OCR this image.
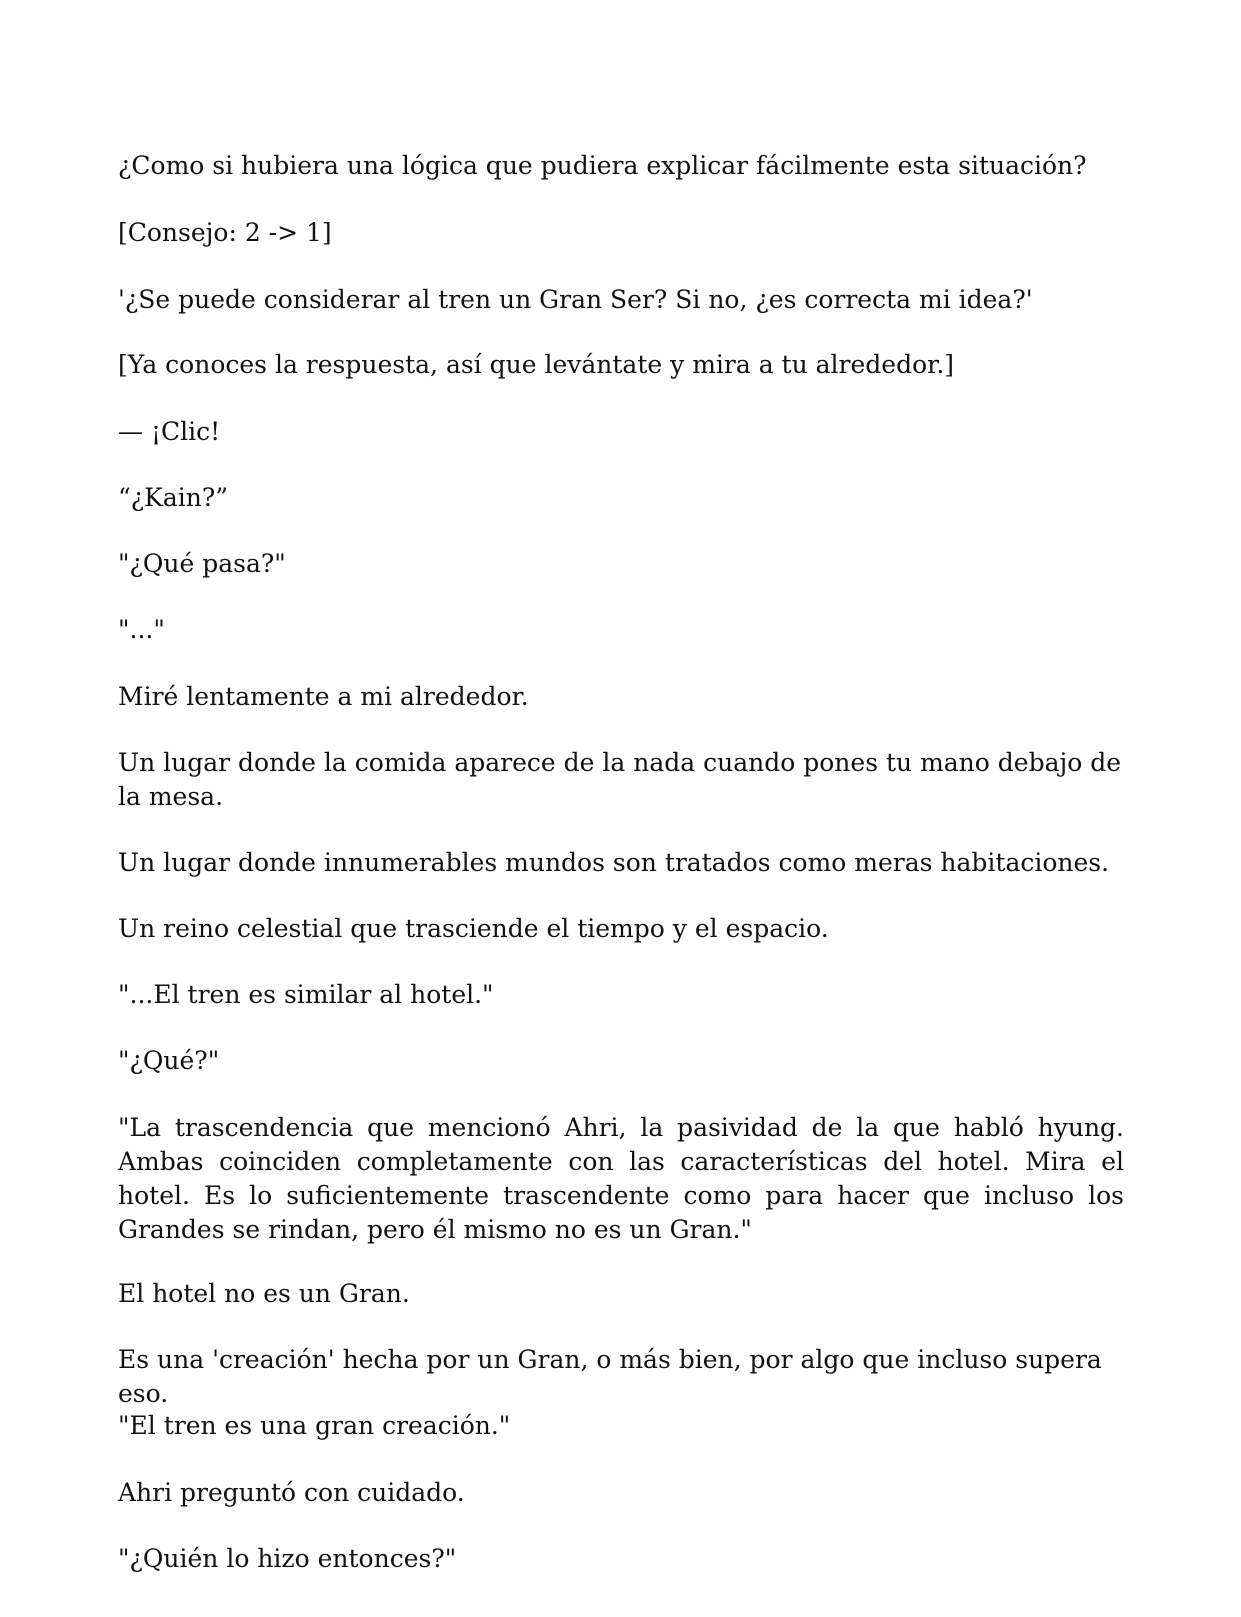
¿Como si hubiera una lógica que pudiera explicar fácilmente esta situación?

[Consejo: 2 -> 1]

'¿Se puede considerar al tren un Gran Ser? Si no, ¿es correcta mi idea?'

[Ya conoces la respuesta, así que levántate y mira a tu alrededor.]

— ¡Clic!

“¿Kain?”

"¿Qué pasa?"

"..."

Miré lentamente a mi alrededor.

Un lugar donde la comida aparece de la nada cuando pones tu mano debajo de la mesa.

Un lugar donde innumerables mundos son tratados como meras habitaciones.

Un reino celestial que trasciende el tiempo y el espacio.

"...El tren es similar al hotel."

"¿Qué?"

"La trascendencia que mencionó Ahri, la pasividad de la que habló hyung. Ambas coinciden completamente con las características del hotel. Mira el hotel. Es lo suficientemente trascendente como para hacer que incluso los Grandes se rindan, pero él mismo no es un Gran."

El hotel no es un Gran.

Es una 'creación' hecha por un Gran, o más bien, por algo que incluso supera eso.

"El tren es una gran creación."

Ahri preguntó con cuidado.

"¿Quién lo hizo entonces?"
